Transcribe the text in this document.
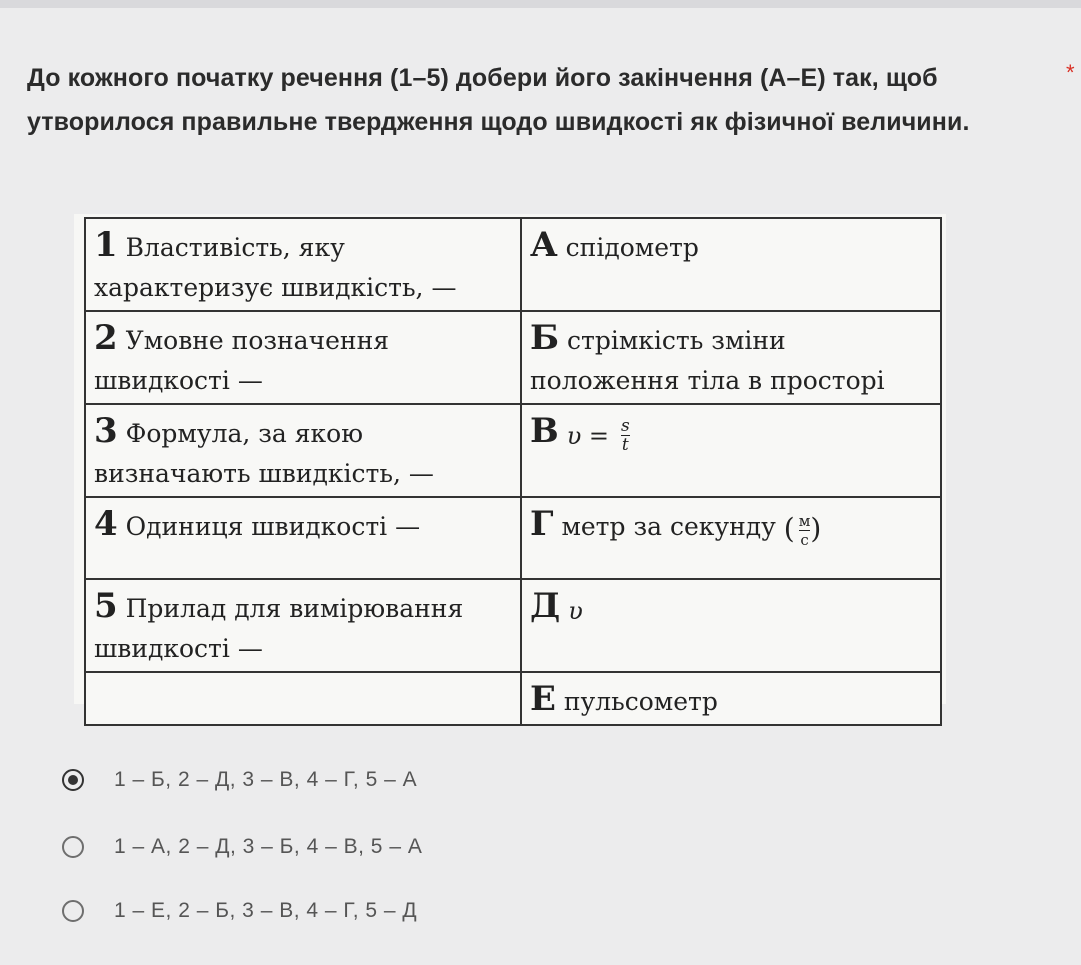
До кожного початку речення (1–5) добери його закінчення (А–Е) так, щоб
утворилося правильне твердження щодо швидкості як фізичної величини.
*
1 Властивість, яку характеризує швидкість, —	А спідометр
2 Умовне позначення швидкості —	Б стрімкість зміни положення тіла в просторі
3 Формула, за якою визначають швидкість, —	В $\upsilon = \frac{s}{t}$

4 Одиниця швидкості —	Г метр за секунду ( $\frac{м}{с}$ )
5 Прилад для вимірювання швидкості —	Д υ
	Е пульсометр
1 – Б, 2 – Д, 3 – В, 4 – Г, 5 – А
1 – А, 2 – Д, 3 – Б, 4 – В, 5 – А
1 – Е, 2 – Б, 3 – В, 4 – Г, 5 – Д
